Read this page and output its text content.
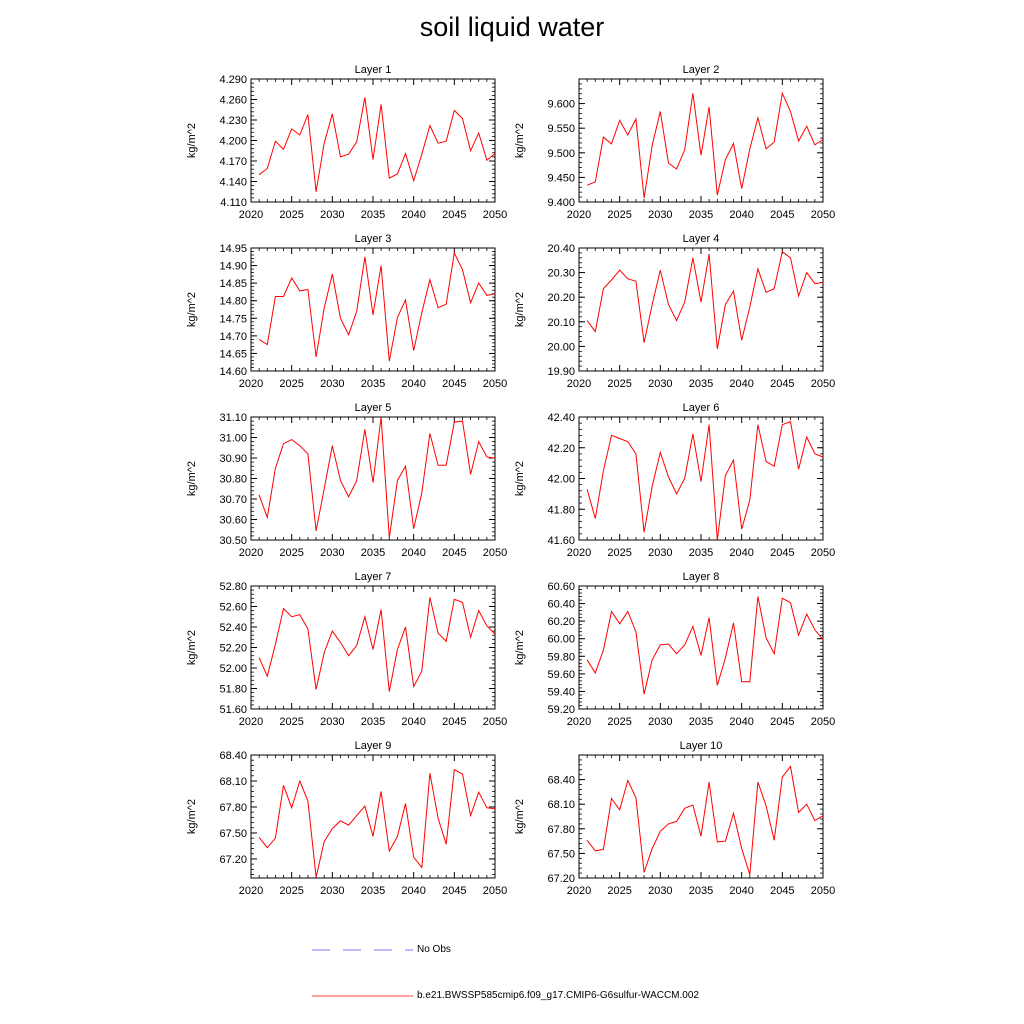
soil liquid water
Layer 1
kg/m^2
2020 2025 2030 2035 2040 2045 2050
4.110
4.140
4.170
4.200
4.230
4.260
4.290
Layer 2
kg/m^2
2020 2025 2030 2035 2040 2045 2050
9.400
9.450
9.500
9.550
9.600
Layer 3
kg/m^2
2020 2025 2030 2035 2040 2045 2050
14.60
14.65
14.70
14.75
14.80
14.85
14.90
14.95
Layer 4
kg/m^2
2020 2025 2030 2035 2040 2045 2050
19.90
20.00
20.10
20.20
20.30
20.40
Layer 5
kg/m^2
2020 2025 2030 2035 2040 2045 2050
30.50
30.60
30.70
30.80
30.90
31.00
31.10
Layer 6
kg/m^2
2020 2025 2030 2035 2040 2045 2050
41.60
41.80
42.00
42.20
42.40
Layer 7
kg/m^2
2020 2025 2030 2035 2040 2045 2050
51.60
51.80
52.00
52.20
52.40
52.60
52.80
Layer 8
kg/m^2
2020 2025 2030 2035 2040 2045 2050
59.20
59.40
59.60
59.80
60.00
60.20
60.40
60.60
Layer 9
kg/m^2
2020 2025 2030 2035 2040 2045 2050
67.20
67.50
67.80
68.10
68.40
Layer 10
kg/m^2
2020 2025 2030 2035 2040 2045 2050
67.20
67.50
67.80
68.10
68.40
No Obs
b.e21.BWSSP585cmip6.f09_g17.CMIP6-G6sulfur-WACCM.002
